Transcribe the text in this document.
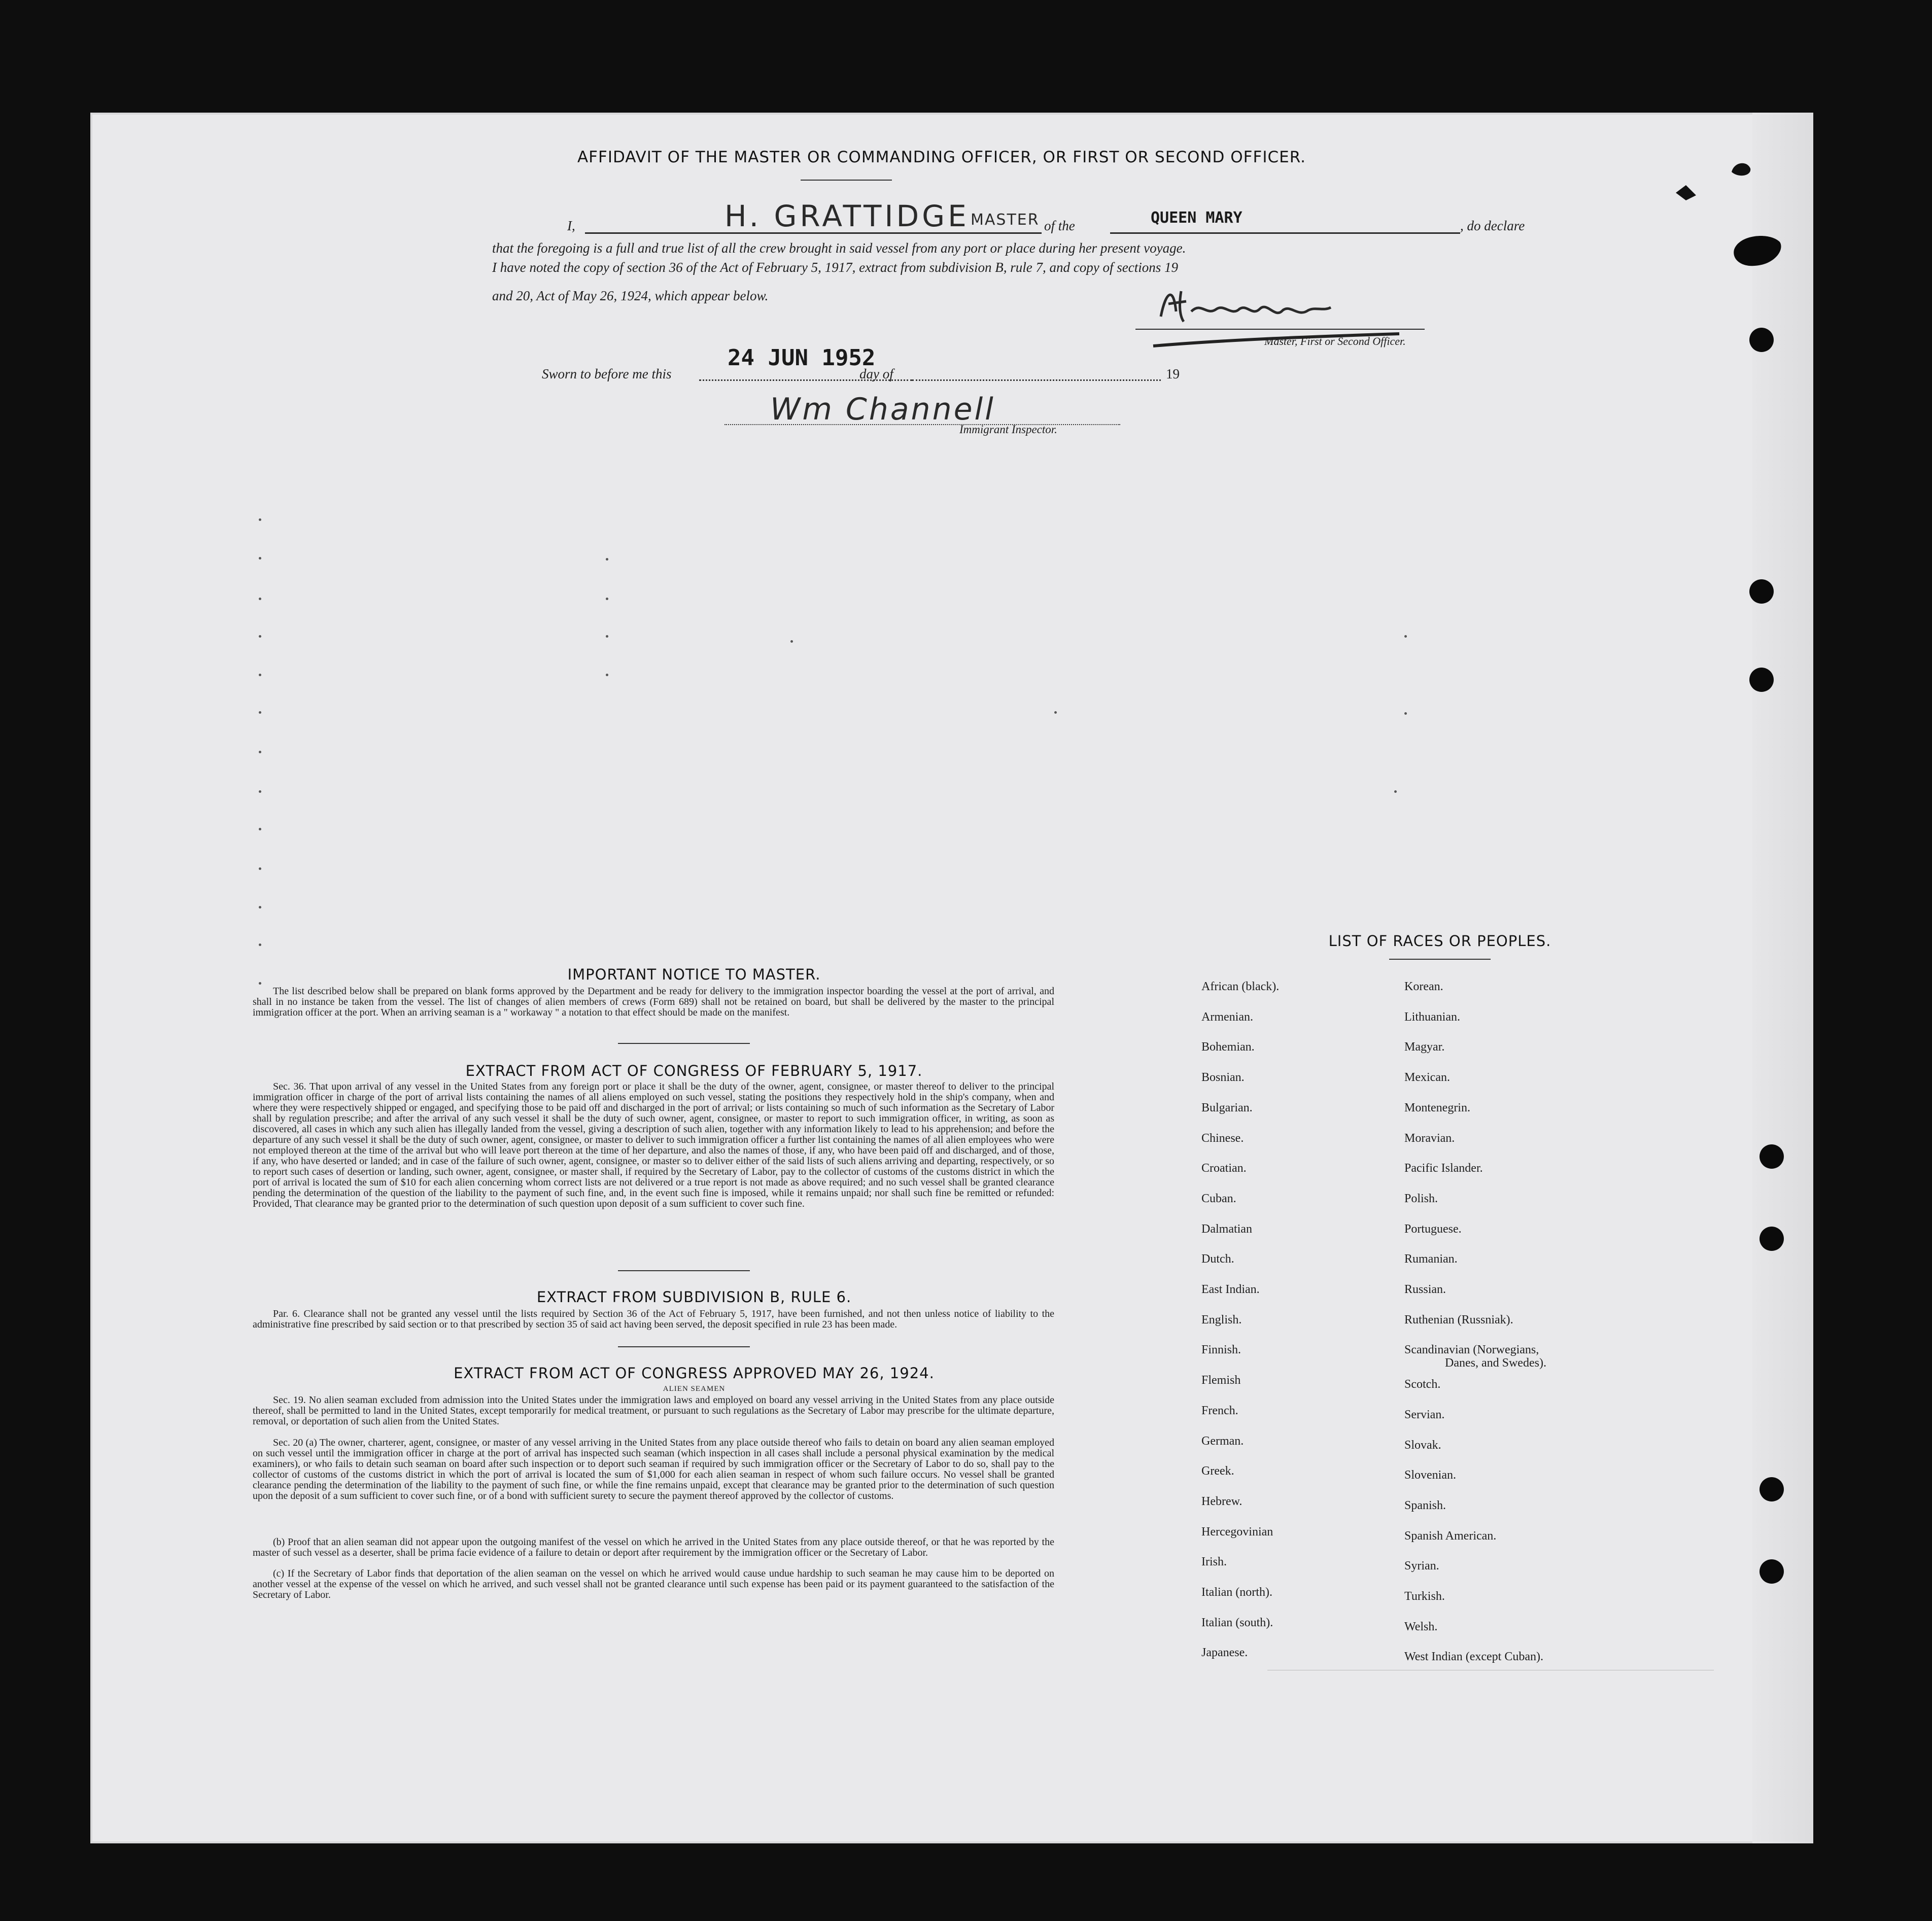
AFFIDAVIT OF THE MASTER OR COMMANDING OFFICER, OR FIRST OR SECOND OFFICER.
I,	H. GRATTIDGE MASTER of the	QUEEN MARY	, do declare
that the foregoing is a full and true list of all the crew brought in said vessel from any port or place during her present voyage.
I have noted the copy of section 36 of the Act of February 5, 1917, extract from subdivision B, rule 7, and copy of sections 19
and 20, Act of May 26, 1924, which appear below.
Master, First or Second Officer.
Sworn to before me this
24 JUN 1952
day of	19
Wm Channell
Immigrant Inspector.
IMPORTANT NOTICE TO MASTER.
The list described below shall be prepared on blank forms approved by the Department and be ready for delivery to the immigration inspector boarding the vessel at the port of arrival, and shall in no instance be taken from the vessel. The list of changes of alien members of crews (Form 689) shall not be retained on board, but shall be delivered by the master to the principal immigration officer at the port. When an arriving seaman is a " workaway " a notation to that effect should be made on the manifest.
EXTRACT FROM ACT OF CONGRESS OF FEBRUARY 5, 1917.
Sec. 36. That upon arrival of any vessel in the United States from any foreign port or place it shall be the duty of the owner, agent, consignee, or master thereof to deliver to the principal immigration officer in charge of the port of arrival lists containing the names of all aliens employed on such vessel, stating the positions they respectively hold in the ship's company, when and where they were respectively shipped or engaged, and specifying those to be paid off and discharged in the port of arrival; or lists containing so much of such information as the Secretary of Labor shall by regulation prescribe; and after the arrival of any such vessel it shall be the duty of such owner, agent, consignee, or master to report to such immigration officer, in writing, as soon as discovered, all cases in which any such alien has illegally landed from the vessel, giving a description of such alien, together with any information likely to lead to his apprehension; and before the departure of any such vessel it shall be the duty of such owner, agent, consignee, or master to deliver to such immigration officer a further list containing the names of all alien employees who were not employed thereon at the time of the arrival but who will leave port thereon at the time of her departure, and also the names of those, if any, who have been paid off and discharged, and of those, if any, who have deserted or landed; and in case of the failure of such owner, agent, consignee, or master so to deliver either of the said lists of such aliens arriving and departing, respectively, or so to report such cases of desertion or landing, such owner, agent, consignee, or master shall, if required by the Secretary of Labor, pay to the collector of customs of the customs district in which the port of arrival is located the sum of $10 for each alien concerning whom correct lists are not delivered or a true report is not made as above required; and no such vessel shall be granted clearance pending the determination of the question of the liability to the payment of such fine, and, in the event such fine is imposed, while it remains unpaid; nor shall such fine be remitted or refunded: Provided, That clearance may be granted prior to the determination of such question upon deposit of a sum sufficient to cover such fine.
EXTRACT FROM SUBDIVISION B, RULE 6.
Par. 6. Clearance shall not be granted any vessel until the lists required by Section 36 of the Act of February 5, 1917, have been furnished, and not then unless notice of liability to the administrative fine prescribed by said section or to that prescribed by section 35 of said act having been served, the deposit specified in rule 23 has been made.
EXTRACT FROM ACT OF CONGRESS APPROVED MAY 26, 1924.
ALIEN SEAMEN
Sec. 19. No alien seaman excluded from admission into the United States under the immigration laws and employed on board any vessel arriving in the United States from any place outside thereof, shall be permitted to land in the United States, except temporarily for medical treatment, or pursuant to such regulations as the Secretary of Labor may prescribe for the ultimate departure, removal, or deportation of such alien from the United States.
Sec. 20 (a) The owner, charterer, agent, consignee, or master of any vessel arriving in the United States from any place outside thereof who fails to detain on board any alien seaman employed on such vessel until the immigration officer in charge at the port of arrival has inspected such seaman (which inspection in all cases shall include a personal physical examination by the medical examiners), or who fails to detain such seaman on board after such inspection or to deport such seaman if required by such immigration officer or the Secretary of Labor to do so, shall pay to the collector of customs of the customs district in which the port of arrival is located the sum of $1,000 for each alien seaman in respect of whom such failure occurs. No vessel shall be granted clearance pending the determination of the liability to the payment of such fine, or while the fine remains unpaid, except that clearance may be granted prior to the determination of such question upon the deposit of a sum sufficient to cover such fine, or of a bond with sufficient surety to secure the payment thereof approved by the collector of customs.
(b) Proof that an alien seaman did not appear upon the outgoing manifest of the vessel on which he arrived in the United States from any place outside thereof, or that he was reported by the master of such vessel as a deserter, shall be prima facie evidence of a failure to detain or deport after requirement by the immigration officer or the Secretary of Labor.
(c) If the Secretary of Labor finds that deportation of the alien seaman on the vessel on which he arrived would cause undue hardship to such seaman he may cause him to be deported on another vessel at the expense of the vessel on which he arrived, and such vessel shall not be granted clearance until such expense has been paid or its payment guaranteed to the satisfaction of the Secretary of Labor.
LIST OF RACES OR PEOPLES.
African (black).
Armenian.
Bohemian.
Bosnian.
Bulgarian.
Chinese.
Croatian.
Cuban.
Dalmatian
Dutch.
East Indian.
English.
Finnish.
Flemish
French.
German.
Greek.
Hebrew.
Hercegovinian
Irish.
Italian (north).
Italian (south).
Japanese.
Korean.
Lithuanian.
Magyar.
Mexican.
Montenegrin.
Moravian.
Pacific Islander.
Polish.
Portuguese.
Rumanian.
Russian.
Ruthenian (Russniak).
Scandinavian (Norwegians,
Scotch.
Servian.
Slovak.
Slovenian.
Spanish.
Spanish American.
Syrian.
Turkish.
Welsh.
West Indian (except Cuban).
Danes, and Swedes).
